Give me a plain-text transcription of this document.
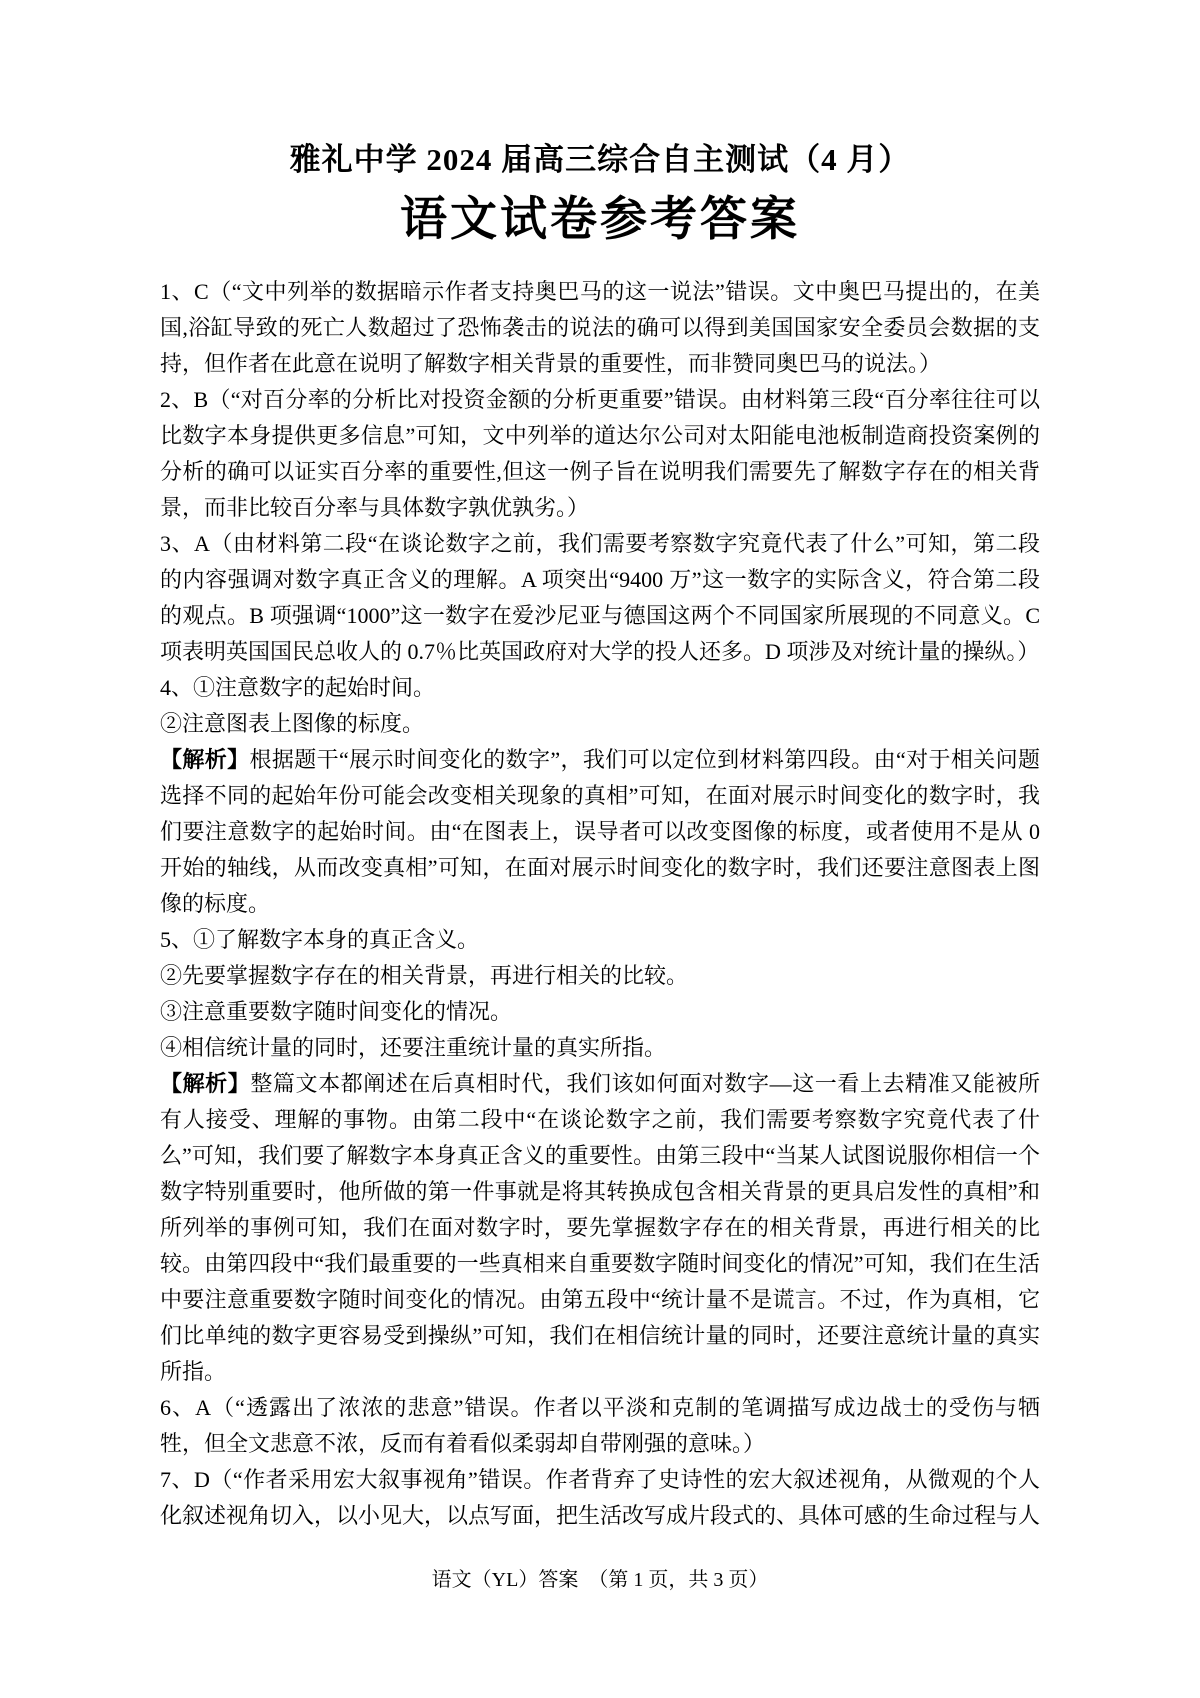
雅礼中学 2024 届高三综合自主测试（4 月）
语文试卷参考答案

1、C（“文中列举的数据暗示作者支持奥巴马的这一说法”错误。文中奥巴马提出的，在美国,浴缸导致的死亡人数超过了恐怖袭击的说法的确可以得到美国国家安全委员会数据的支持，但作者在此意在说明了解数字相关背景的重要性，而非赞同奥巴马的说法。）

2、B（“对百分率的分析比对投资金额的分析更重要”错误。由材料第三段“百分率往往可以比数字本身提供更多信息”可知，文中列举的道达尔公司对太阳能电池板制造商投资案例的分析的确可以证实百分率的重要性,但这一例子旨在说明我们需要先了解数字存在的相关背景，而非比较百分率与具体数字孰优孰劣。）

3、A（由材料第二段“在谈论数字之前，我们需要考察数字究竟代表了什么”可知，第二段的内容强调对数字真正含义的理解。A 项突出“9400 万”这一数字的实际含义，符合第二段的观点。B 项强调“1000”这一数字在爱沙尼亚与德国这两个不同国家所展现的不同意义。C 项表明英国国民总收人的 0.7％比英国政府对大学的投人还多。D 项涉及对统计量的操纵。）

4、①注意数字的起始时间。

②注意图表上图像的标度。

【解析】根据题干“展示时间变化的数字”，我们可以定位到材料第四段。由“对于相关问题选择不同的起始年份可能会改变相关现象的真相”可知，在面对展示时间变化的数字时，我们要注意数字的起始时间。由“在图表上，误导者可以改变图像的标度，或者使用不是从 0 开始的轴线，从而改变真相”可知，在面对展示时间变化的数字时，我们还要注意图表上图像的标度。

5、①了解数字本身的真正含义。

②先要掌握数字存在的相关背景，再进行相关的比较。

③注意重要数字随时间变化的情况。

④相信统计量的同时，还要注重统计量的真实所指。

【解析】整篇文本都阐述在后真相时代，我们该如何面对数字—这一看上去精准又能被所有人接受、理解的事物。由第二段中“在谈论数字之前，我们需要考察数字究竟代表了什么”可知，我们要了解数字本身真正含义的重要性。由第三段中“当某人试图说服你相信一个数字特别重要时，他所做的第一件事就是将其转换成包含相关背景的更具启发性的真相”和所列举的事例可知，我们在面对数字时，要先掌握数字存在的相关背景，再进行相关的比较。由第四段中“我们最重要的一些真相来自重要数字随时间变化的情况”可知，我们在生活中要注意重要数字随时间变化的情况。由第五段中“统计量不是谎言。不过，作为真相，它们比单纯的数字更容易受到操纵”可知，我们在相信统计量的同时，还要注意统计量的真实所指。

6、A（“透露出了浓浓的悲意”错误。作者以平淡和克制的笔调描写成边战士的受伤与牺牲，但全文悲意不浓，反而有着看似柔弱却自带刚强的意味。）

7、D（“作者采用宏大叙事视角”错误。作者背弃了史诗性的宏大叙述视角，从微观的个人化叙述视角切入，以小见大，以点写面，把生活改写成片段式的、具体可感的生命过程与人

语文（YL）答案　（第 1 页，共 3 页）
